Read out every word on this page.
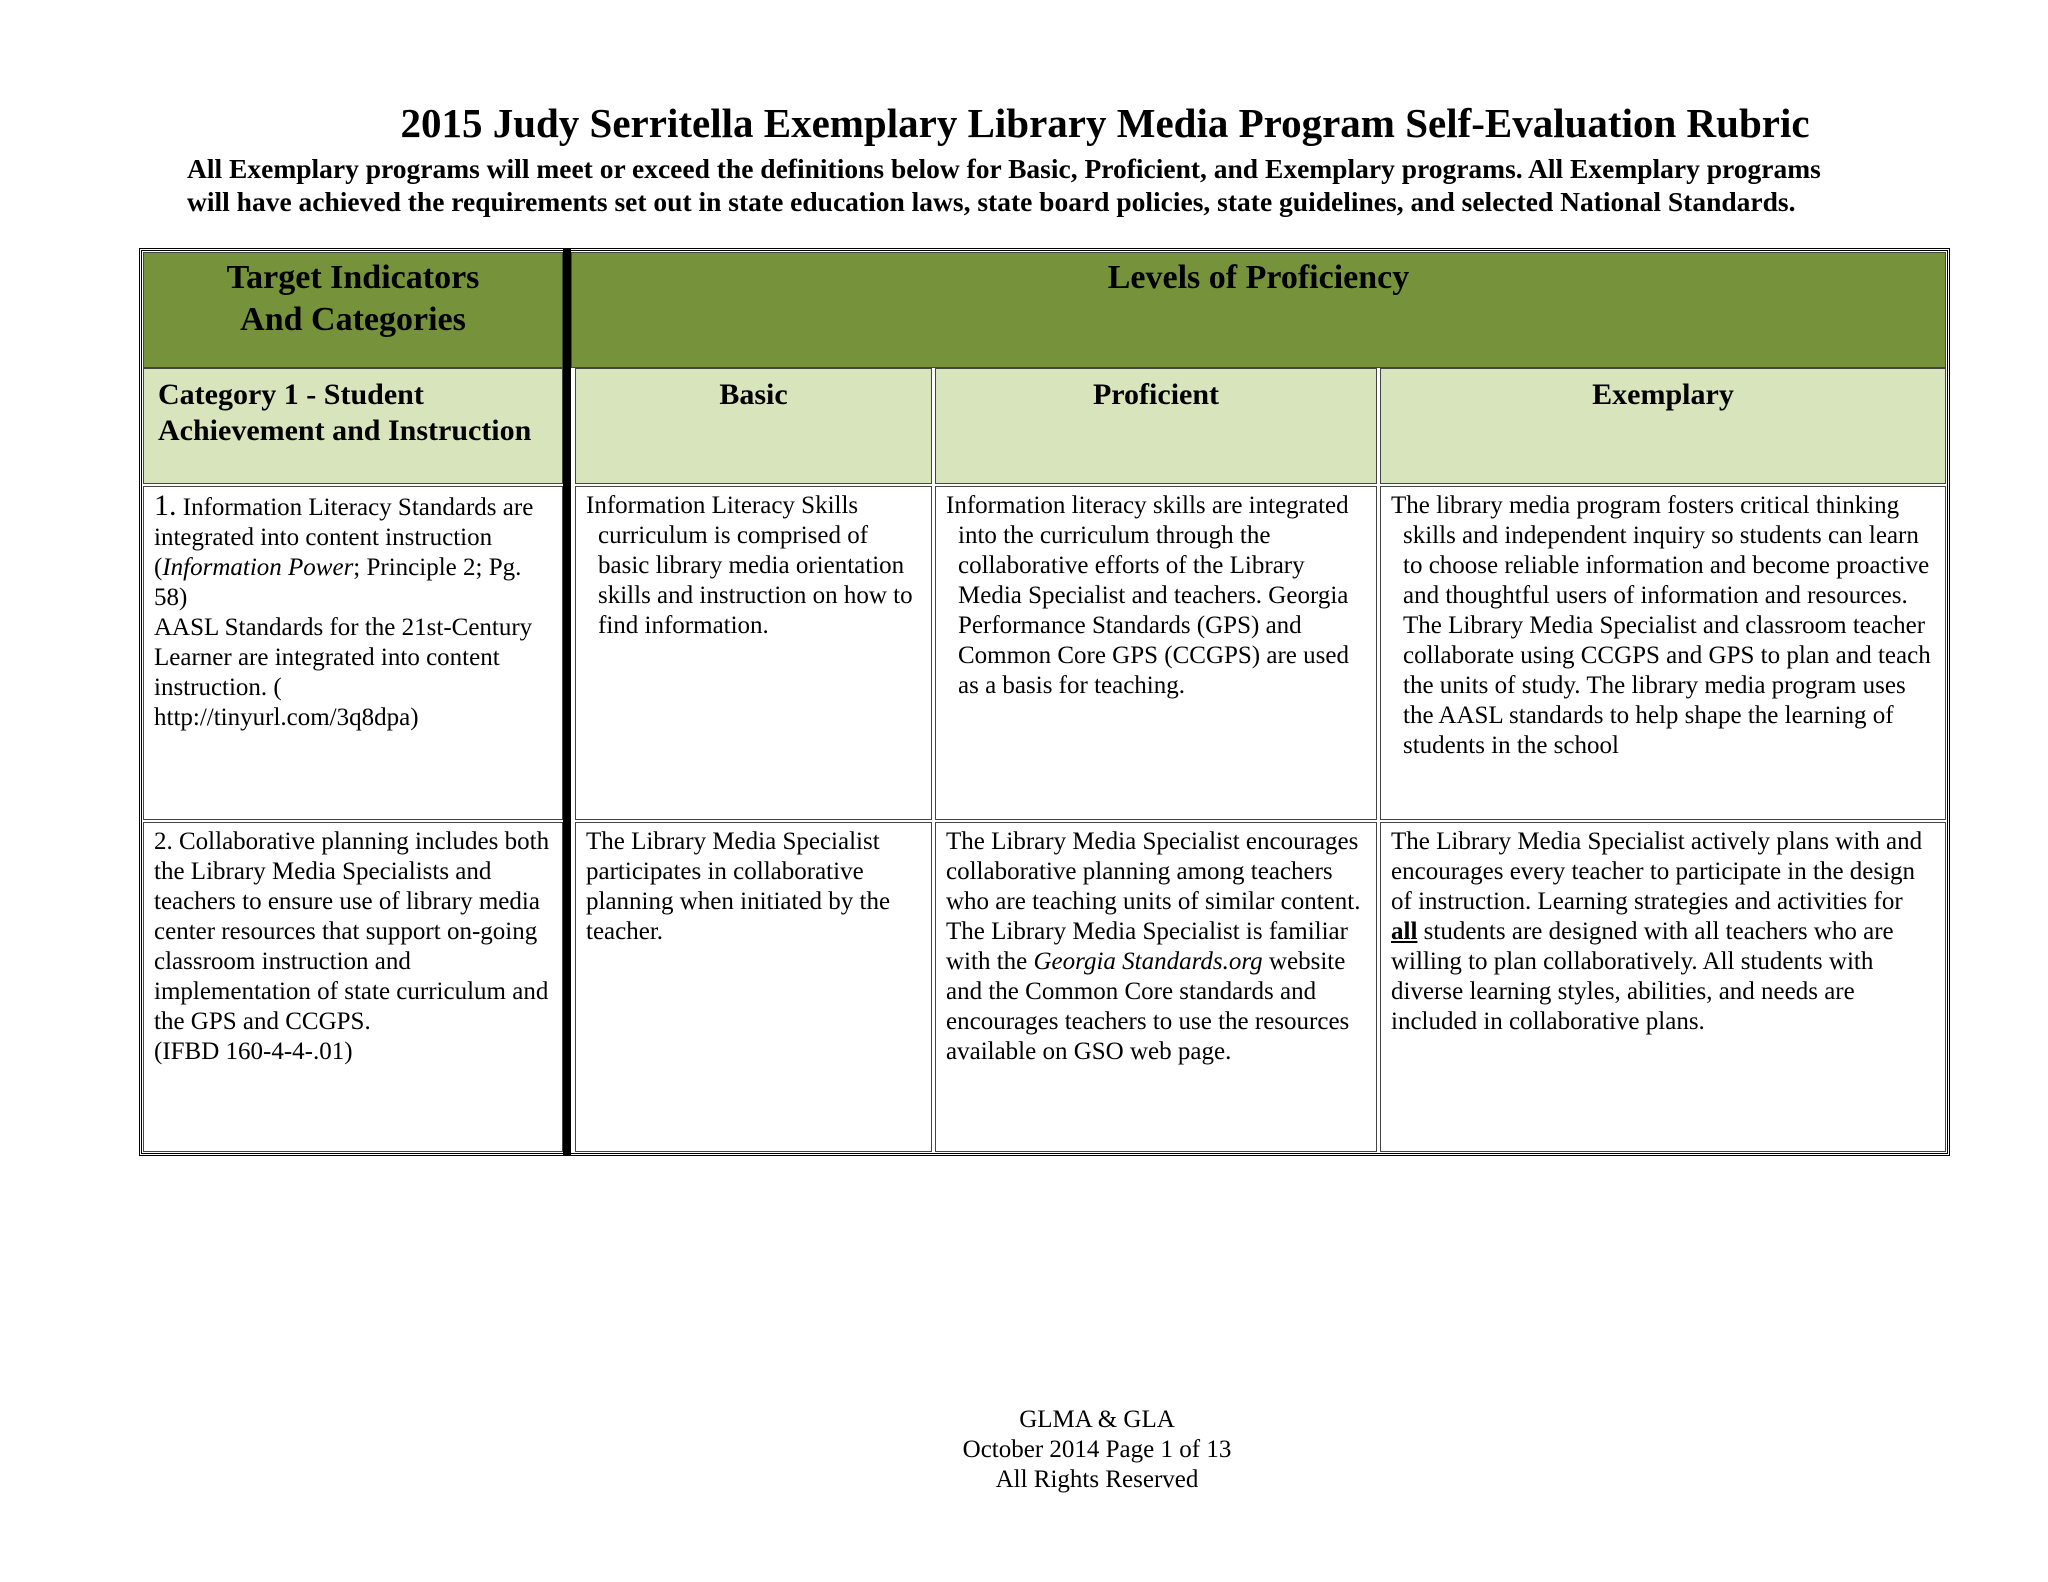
2015 Judy Serritella Exemplary Library Media Program Self-Evaluation Rubric
All Exemplary programs will meet or exceed the definitions below for Basic, Proficient, and Exemplary programs. All Exemplary programs
will have achieved the requirements set out in state education laws, state board policies, state guidelines, and selected National Standards.
Target Indicators
And Categories
Levels of Proficiency
Category 1 - Student
Achievement and Instruction
Basic	Proficient	Exemplary
1. Information Literacy Standards are integrated into content instruction (Information Power; Principle 2; Pg. 58)
AASL Standards for the 21st-Century Learner are integrated into content instruction. (
http://tinyurl.com/3q8dpa)
Information Literacy Skills curriculum is comprised of basic library media orientation skills and instruction on how to find information.
Information literacy skills are integrated into the curriculum through the collaborative efforts of the Library Media Specialist and teachers. Georgia Performance Standards (GPS) and Common Core GPS (CCGPS) are used as a basis for teaching.
The library media program fosters critical thinking skills and independent inquiry so students can learn to choose reliable information and become proactive and thoughtful users of information and resources. The Library Media Specialist and classroom teacher collaborate using CCGPS and GPS to plan and teach the units of study. The library media program uses the AASL standards to help shape the learning of students in the school
2. Collaborative planning includes both the Library Media Specialists and teachers to ensure use of library media center resources that support on-going classroom instruction and implementation of state curriculum and the GPS and CCGPS.
(IFBD 160-4-4-.01)
The Library Media Specialist participates in collaborative planning when initiated by the teacher.
The Library Media Specialist encourages collaborative planning among teachers who are teaching units of similar content. The Library Media Specialist is familiar with the Georgia Standards.org website and the Common Core standards and encourages teachers to use the resources available on GSO web page.
The Library Media Specialist actively plans with and encourages every teacher to participate in the design of instruction. Learning strategies and activities for all students are designed with all teachers who are willing to plan collaboratively. All students with diverse learning styles, abilities, and needs are included in collaborative plans.
GLMA & GLA
October 2014 Page 1 of 13
All Rights Reserved
